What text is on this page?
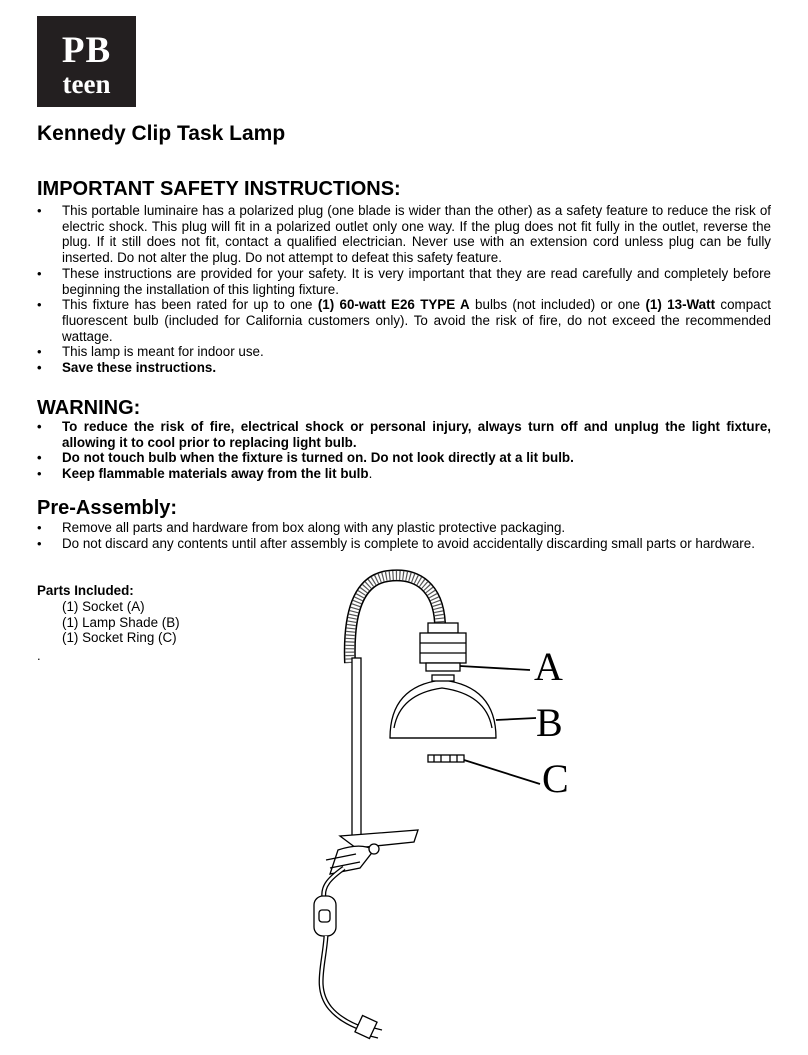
PB
teen
Kennedy Clip Task Lamp
IMPORTANT SAFETY INSTRUCTIONS:
• This portable luminaire has a polarized plug (one blade is wider than the other) as a safety feature to reduce the risk of electric shock. This plug will fit in a polarized outlet only one way. If the plug does not fit fully in the outlet, reverse the plug. If it still does not fit, contact a qualified electrician. Never use with an extension cord unless plug can be fully inserted. Do not alter the plug. Do not attempt to defeat this safety feature.
• These instructions are provided for your safety. It is very important that they are read carefully and completely before beginning the installation of this lighting fixture.
• This fixture has been rated for up to one (1) 60-watt E26 TYPE A bulbs (not included) or one (1) 13-Watt compact fluorescent bulb (included for California customers only). To avoid the risk of fire, do not exceed the recommended wattage.
• This lamp is meant for indoor use.
• Save these instructions.
WARNING:
• To reduce the risk of fire, electrical shock or personal injury, always turn off and unplug the light fixture, allowing it to cool prior to replacing light bulb.
• Do not touch bulb when the fixture is turned on. Do not look directly at a lit bulb.
• Keep flammable materials away from the lit bulb.
Pre-Assembly:
• Remove all parts and hardware from box along with any plastic protective packaging.
• Do not discard any contents until after assembly is complete to avoid accidentally discarding small parts or hardware.

Parts Included:

(1) Socket (A)
(1) Lamp Shade (B)
(1) Socket Ring (C)
.	A
B
C
